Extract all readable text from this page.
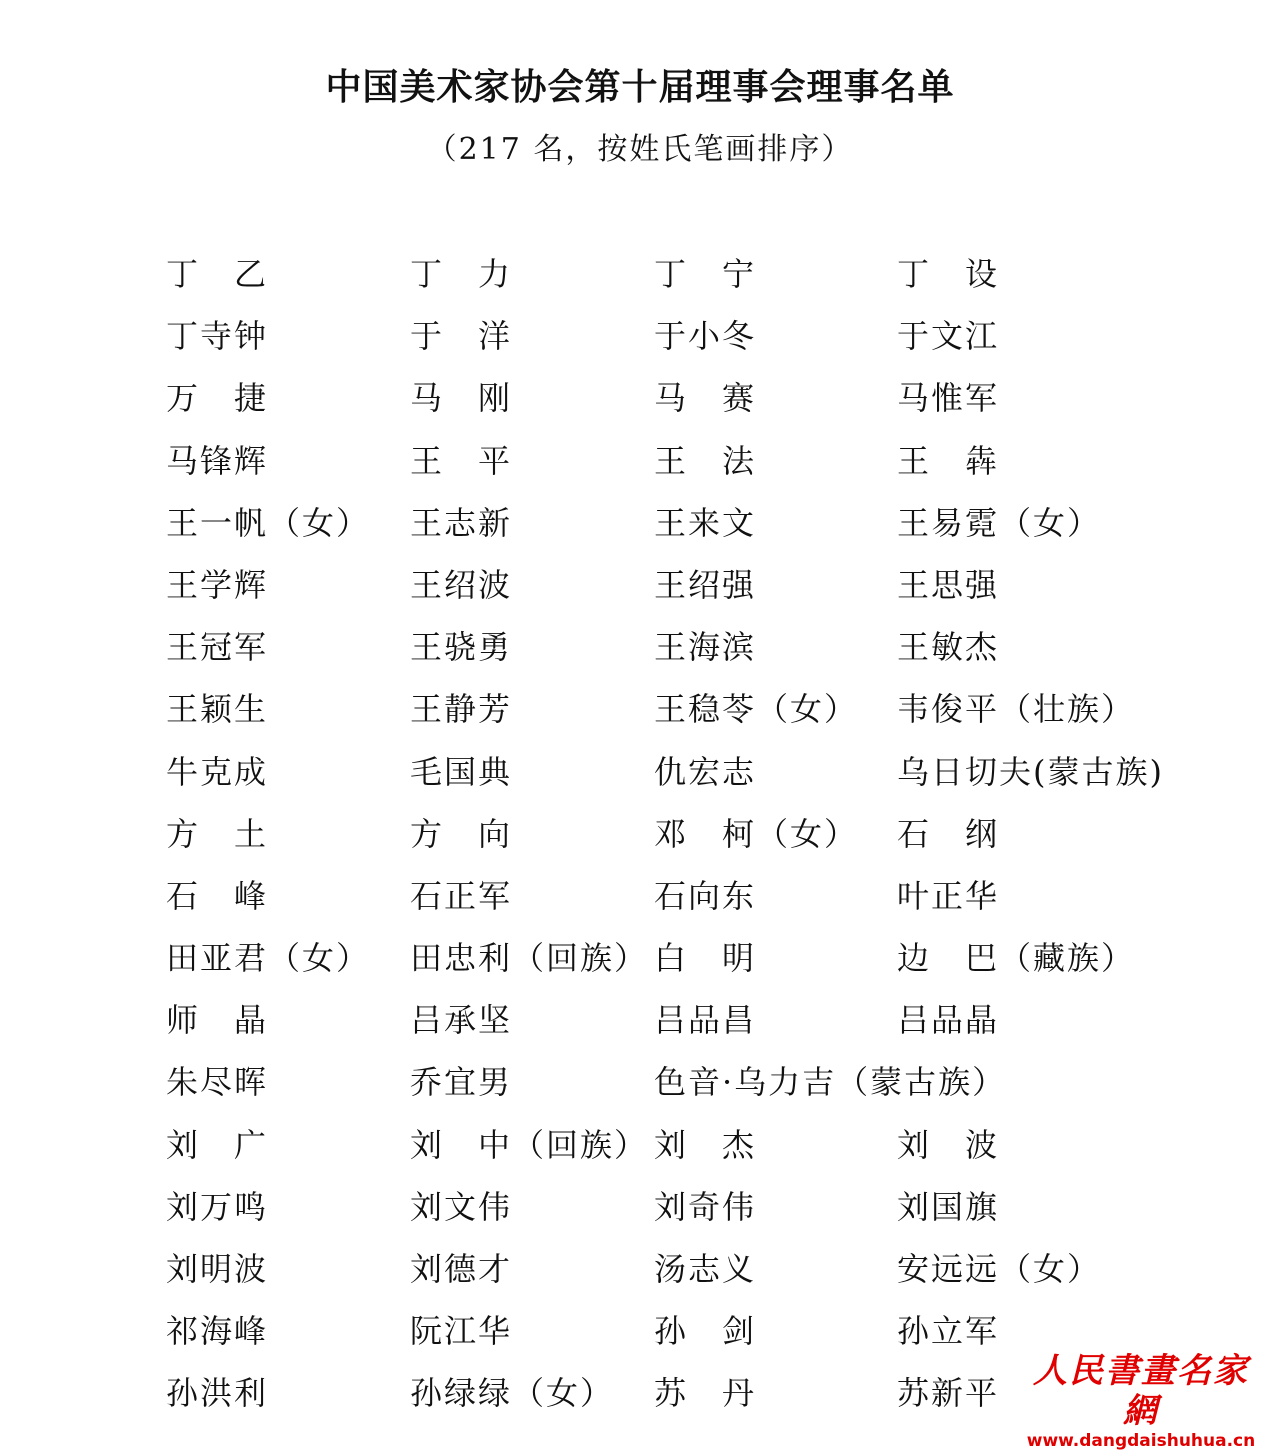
中国美术家协会第十届理事会理事名单
（217 名，按姓氏笔画排序）
丁　乙	丁　力	丁　宁	丁　设
丁寺钟	于　洋	于小冬	于文江
万　捷	马　刚	马　赛	马惟军
马锋辉	王　平	王　法	王　犇
王一帆（女） 王志新	王来文	王易霓（女）
王学辉	王绍波	王绍强	王思强
王冠军	王骁勇	王海滨	王敏杰
王颖生	王静芳	王稳苓（女） 韦俊平（壮族）
牛克成	毛国典	仇宏志	乌日切夫(蒙古族)
方　土	方　向	邓　柯（女） 石　纲
石　峰	石正军	石向东	叶正华
田亚君（女） 田忠利（回族） 白　明	边　巴（藏族）
师　晶	吕承坚	吕品昌	吕品晶
朱尽晖	乔宜男	色音·乌力吉（蒙古族）
刘　广	刘　中（回族） 刘　杰	刘　波
刘万鸣	刘文伟	刘奇伟	刘国旗
刘明波	刘德才	汤志义	安远远（女）
祁海峰	阮江华	孙　剑	孙立军
孙洪利	孙绿绿（女） 苏　丹	苏新平
人民書畫名家網
www.dangdaishuhua.cn
